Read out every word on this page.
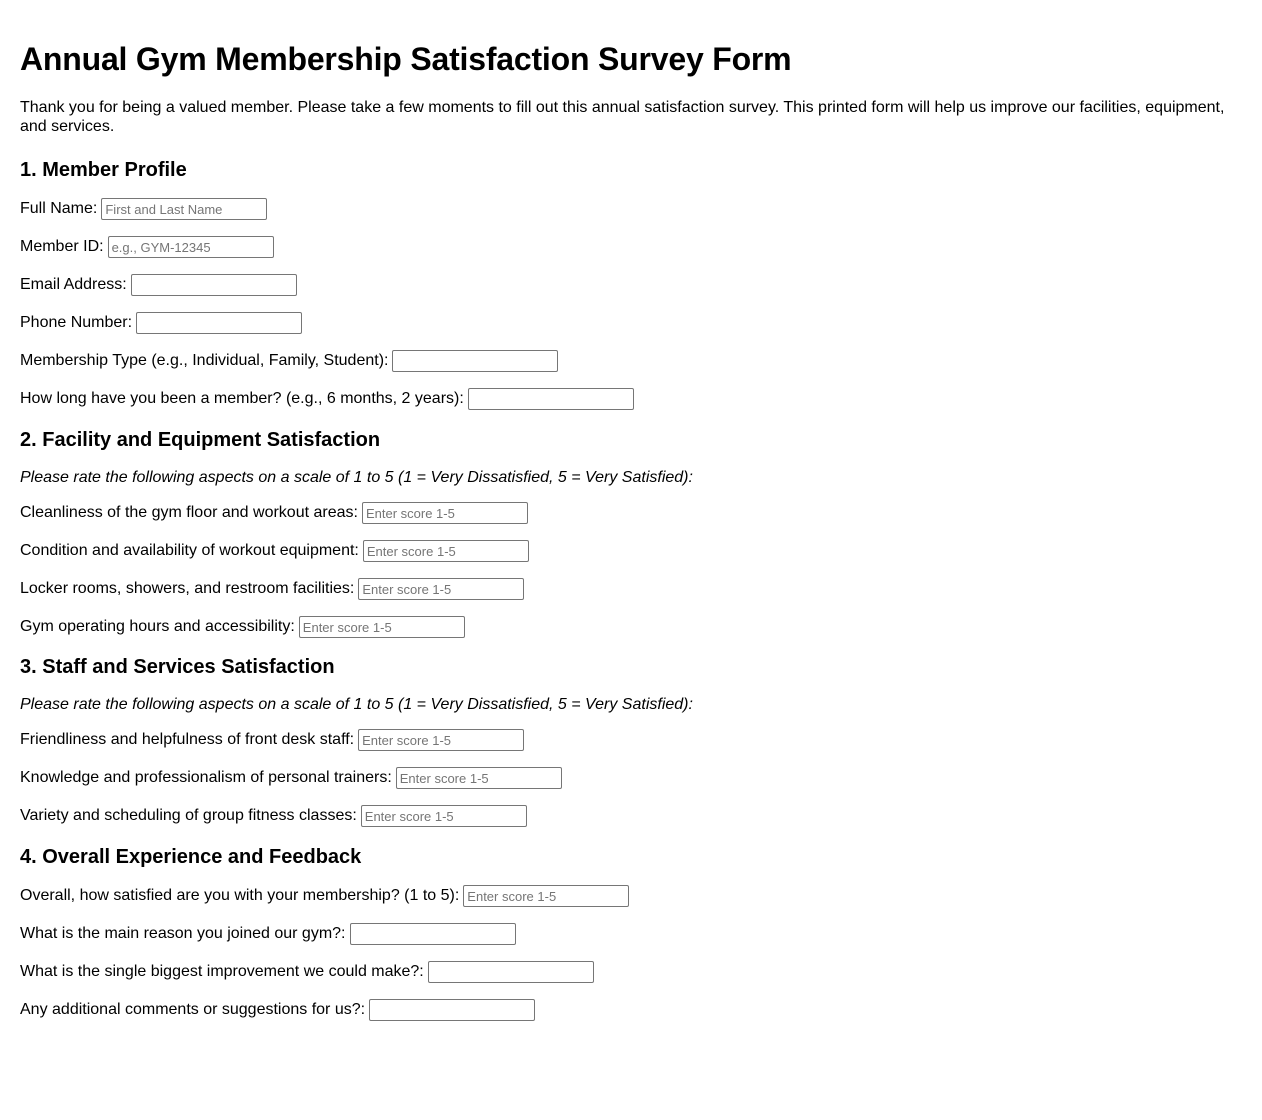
Annual Gym Membership Satisfaction Survey Form

Thank you for being a valued member. Please take a few moments to fill out this annual satisfaction survey. This printed form will help us improve our facilities, equipment, and services.

1. Member Profile
Full Name:First and Last Name
Member ID:e.g., GYM-12345
Email Address:
Phone Number:
Membership Type (e.g., Individual, Family, Student):
How long have you been a member? (e.g., 6 months, 2 years):
2. Facility and Equipment Satisfaction

Please rate the following aspects on a scale of 1 to 5 (1 = Very Dissatisfied, 5 = Very Satisfied):

Cleanliness of the gym floor and workout areas:Enter score 1-5
Condition and availability of workout equipment:Enter score 1-5
Locker rooms, showers, and restroom facilities:Enter score 1-5
Gym operating hours and accessibility:Enter score 1-5
3. Staff and Services Satisfaction

Please rate the following aspects on a scale of 1 to 5 (1 = Very Dissatisfied, 5 = Very Satisfied):

Friendliness and helpfulness of front desk staff:Enter score 1-5
Knowledge and professionalism of personal trainers:Enter score 1-5
Variety and scheduling of group fitness classes:Enter score 1-5
4. Overall Experience and Feedback
Overall, how satisfied are you with your membership? (1 to 5):Enter score 1-5
What is the main reason you joined our gym?:
What is the single biggest improvement we could make?:
Any additional comments or suggestions for us?:
